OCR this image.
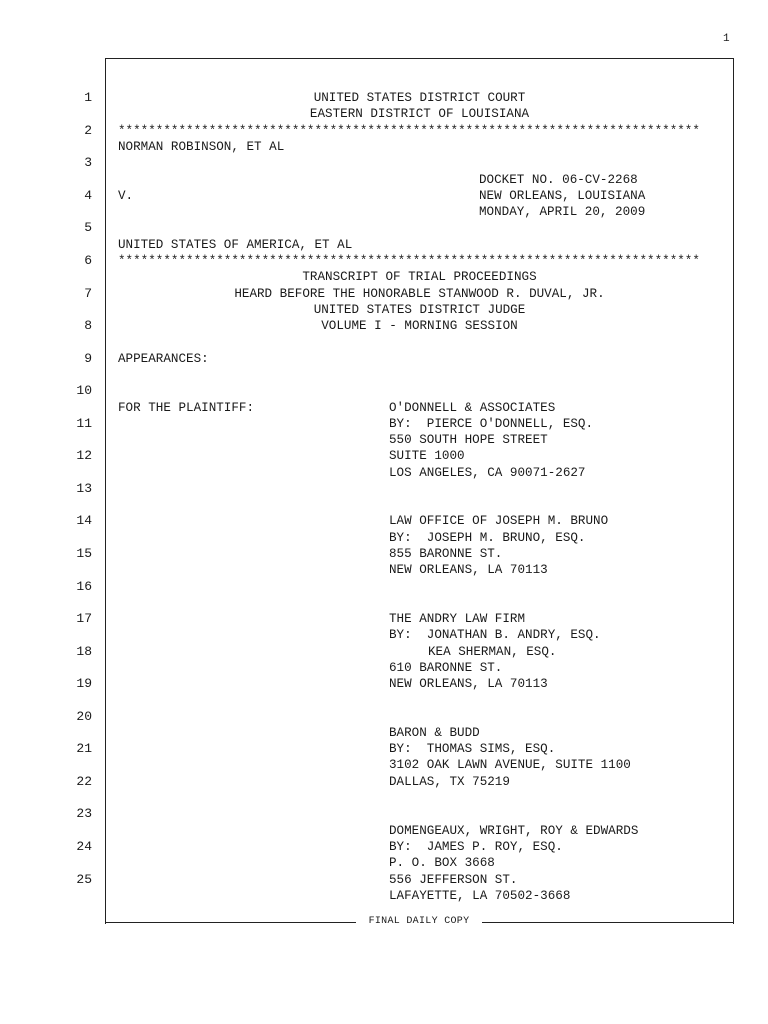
1
FINAL DAILY COPY
1
2
3
4
5
6
7
8
9
10
11
12
13
14
15
16
17
18
19
20
21
22
23
24
25
UNITED STATES DISTRICT COURT
EASTERN DISTRICT OF LOUISIANA
*****************************************************************************
NORMAN ROBINSON, ET AL
DOCKET NO. 06-CV-2268
V.	NEW ORLEANS, LOUISIANA
MONDAY, APRIL 20, 2009
UNITED STATES OF AMERICA, ET AL
*****************************************************************************
TRANSCRIPT OF TRIAL PROCEEDINGS
HEARD BEFORE THE HONORABLE STANWOOD R. DUVAL, JR.
UNITED STATES DISTRICT JUDGE
VOLUME I - MORNING SESSION
APPEARANCES:
FOR THE PLAINTIFF:	O'DONNELL & ASSOCIATES
BY:  PIERCE O'DONNELL, ESQ.
550 SOUTH HOPE STREET
SUITE 1000
LOS ANGELES, CA 90071-2627
LAW OFFICE OF JOSEPH M. BRUNO
BY:  JOSEPH M. BRUNO, ESQ.
855 BARONNE ST.
NEW ORLEANS, LA 70113
THE ANDRY LAW FIRM
BY:  JONATHAN B. ANDRY, ESQ.
KEA SHERMAN, ESQ.
610 BARONNE ST.
NEW ORLEANS, LA 70113
BARON & BUDD
BY:  THOMAS SIMS, ESQ.
3102 OAK LAWN AVENUE, SUITE 1100
DALLAS, TX 75219
DOMENGEAUX, WRIGHT, ROY & EDWARDS
BY:  JAMES P. ROY, ESQ.
P. O. BOX 3668
556 JEFFERSON ST.
LAFAYETTE, LA 70502-3668
